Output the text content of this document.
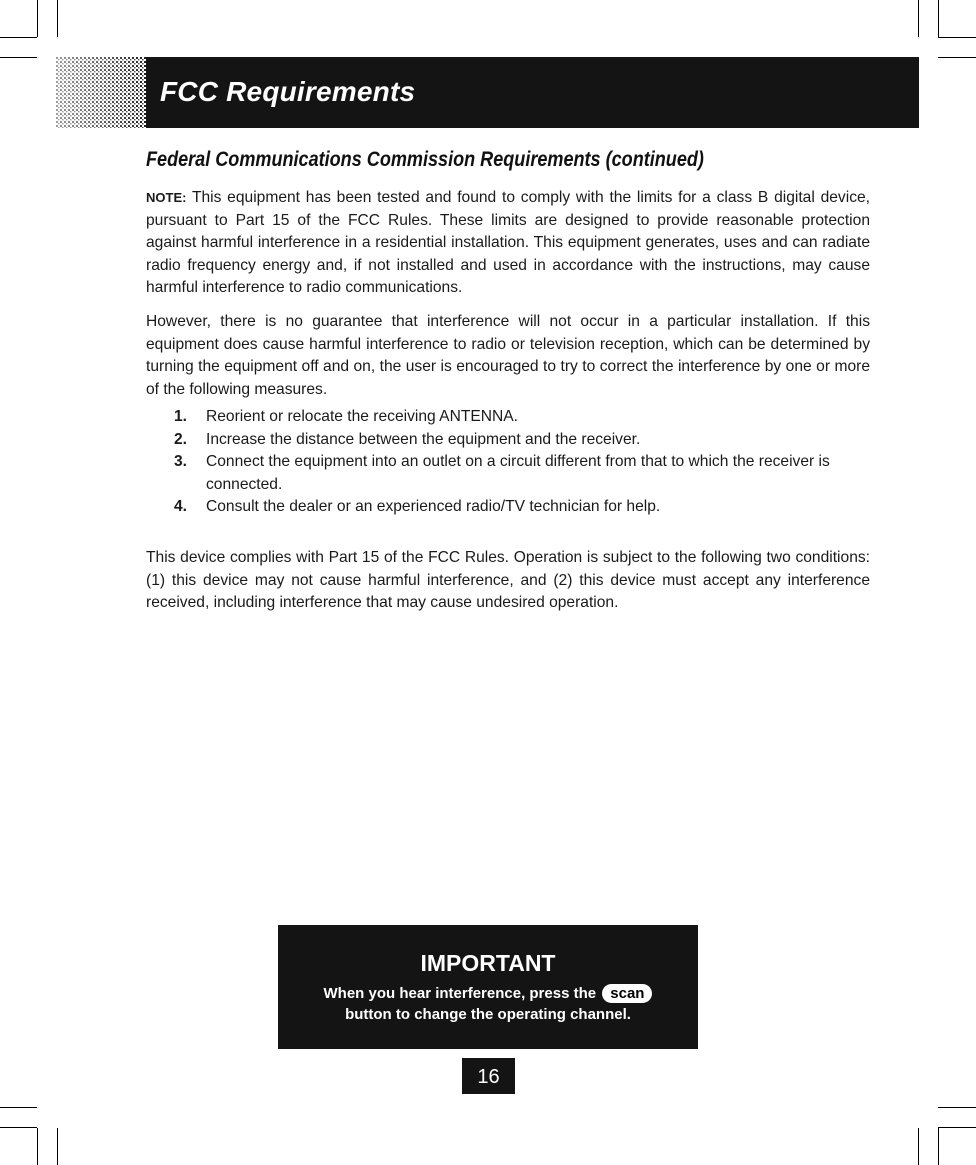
FCC Requirements
Federal Communications Commission Requirements (continued)
NOTE: This equipment has been tested and found to comply with the limits for a class B digital device, pursuant to Part 15 of the FCC Rules. These limits are designed to provide reasonable protection against harmful interference in a residential installation. This equipment generates, uses and can radiate radio frequency energy and, if not installed and used in accordance with the instructions, may cause harmful interference to radio communications.
However, there is no guarantee that interference will not occur in a particular installation. If this equipment does cause harmful interference to radio or television reception, which can be determined by turning the equipment off and on, the user is encouraged to try to correct the interference by one or more of the following measures.
1. Reorient or relocate the receiving ANTENNA.
2. Increase the distance between the equipment and the receiver.
3. Connect the equipment into an outlet on a circuit different from that to which the receiver is connected.
4. Consult the dealer or an experienced radio/TV technician for help.
This device complies with Part 15 of the FCC Rules. Operation is subject to the following two conditions: (1) this device may not cause harmful interference, and (2) this device must accept any interference received, including interference that may cause undesired operation.
IMPORTANT
When you hear interference, press the scan
button to change the operating channel.
16
